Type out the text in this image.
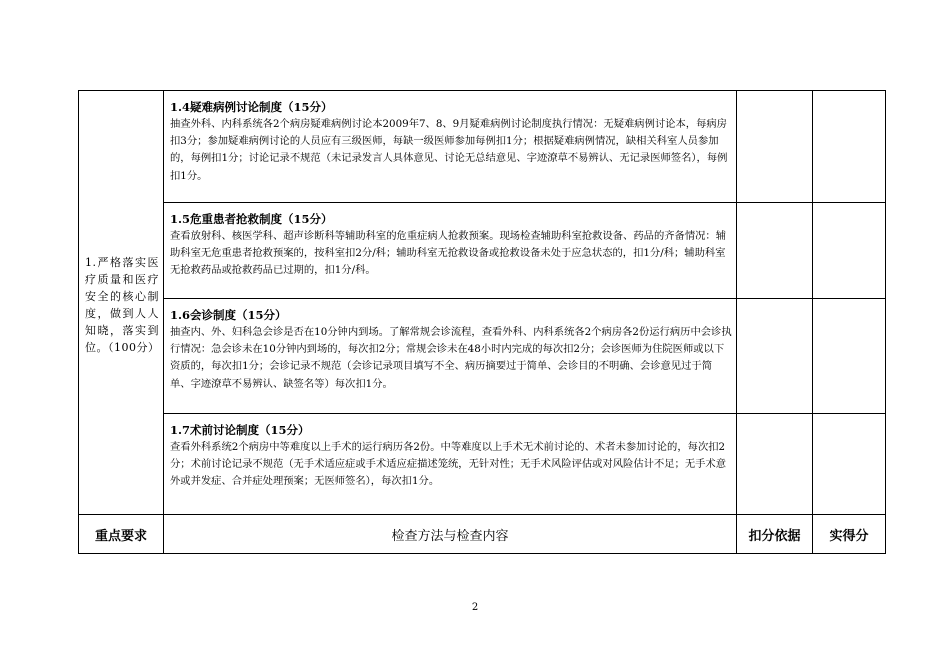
1.严格落实医疗质量和医疗安全的核心制度，做到人人知晓，落实到位。（100分）	1.4疑难病例讨论制度（15分）
抽查外科、内科系统各2个病房疑难病例讨论本2009年7、8、9月疑难病例讨论制度执行情况：无疑难病例讨论本，每病房扣3分；参加疑难病例讨论的人员应有三级医师，每缺一级医师参加每例扣1分；根据疑难病例情况，缺相关科室人员参加的，每例扣1分；讨论记录不规范（未记录发言人具体意见、讨论无总结意见、字迹潦草不易辨认、无记录医师签名），每例扣1分。		

	1.5危重患者抢救制度（15分）
查看放射科、核医学科、超声诊断科等辅助科室的危重症病人抢救预案。现场检查辅助科室抢救设备、药品的齐备情况：辅助科室无危重患者抢救预案的，按科室扣2分/科；辅助科室无抢救设备或抢救设备未处于应急状态的，扣1分/科；辅助科室无抢救药品或抢救药品已过期的，扣1分/科。		

	1.6会诊制度（15分）
抽查内、外、妇科急会诊是否在10分钟内到场。了解常规会诊流程，查看外科、内科系统各2个病房各2份运行病历中会诊执行情况：急会诊未在10分钟内到场的，每次扣2分；常规会诊未在48小时内完成的每次扣2分；会诊医师为住院医师或以下资质的，每次扣1分；会诊记录不规范（会诊记录项目填写不全、病历摘要过于简单、会诊目的不明确、会诊意见过于简单、字迹潦草不易辨认、缺签名等）每次扣1分。		

	1.7术前讨论制度（15分）
查看外科系统2个病房中等难度以上手术的运行病历各2份。中等难度以上手术无术前讨论的、术者未参加讨论的，每次扣2分；术前讨论记录不规范（无手术适应症或手术适应症描述笼统，无针对性；无手术风险评估或对风险估计不足；无手术意外或并发症、合并症处理预案；无医师签名），每次扣1分。		

重点要求	检查方法与检查内容	扣分依据	实得分
2
